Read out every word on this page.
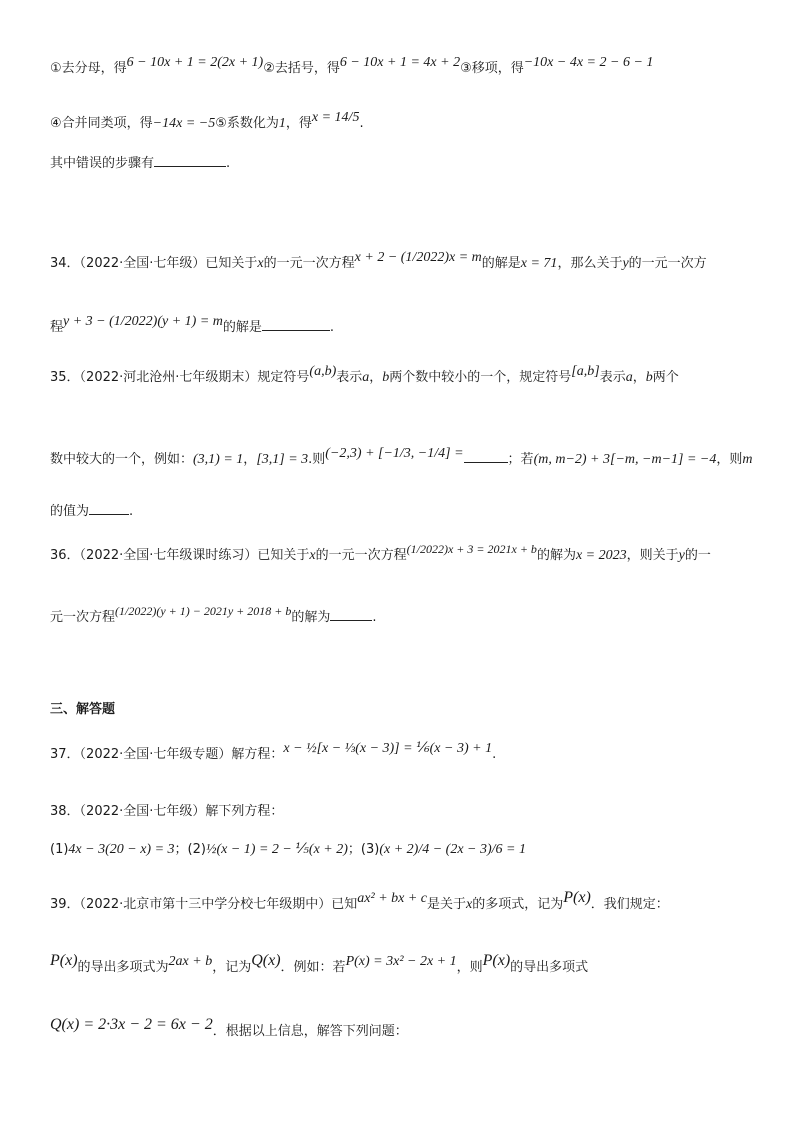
①去分母，得6 − 10x + 1 = 2(2x + 1)②去括号，得6 − 10x + 1 = 4x + 2③移项，得−10x − 4x = 2 − 6 − 1
④合并同类项，得−14x = −5⑤系数化为1，得x = 14/5.
其中错误的步骤有	.
34．（2022·全国·七年级）已知关于x的一元一次方程x + 2 − (1/2022)x = m的解是x = 71，那么关于y的一元一次方
程y + 3 − (1/2022)(y + 1) = m的解是	.
35．（2022·河北沧州·七年级期末）规定符号(a,b)表示a，b两个数中较小的一个，规定符号[a,b]表示a，b两个
数中较大的一个，例如：(3,1) = 1，[3,1] = 3.则(−2,3) + [−1/3, −1/4] =	；若(m, m−2) + 3[−m, −m−1] = −4，则m
的值为	.
36．（2022·全国·七年级课时练习）已知关于x的一元一次方程(1/2022)x + 3 = 2021x + b的解为x = 2023，则关于y的一
元一次方程(1/2022)(y + 1) − 2021y + 2018 + b的解为	.
三、解答题
37．（2022·全国·七年级专题）解方程：x − ½[x − ⅓(x − 3)] = ⅙(x − 3) + 1.
38．（2022·全国·七年级）解下列方程：
(1)4x − 3(20 − x) = 3；(2)½(x − 1) = 2 − ⅕(x + 2)；(3)(x + 2)/4 − (2x − 3)/6 = 1
39．（2022·北京市第十三中学分校七年级期中）已知ax² + bx + c是关于x的多项式，记为P(x)．我们规定：
P(x)的导出多项式为2ax + b，记为Q(x)．例如：若P(x) = 3x² − 2x + 1，则P(x)的导出多项式
Q(x) = 2·3x − 2 = 6x − 2．根据以上信息，解答下列问题：
